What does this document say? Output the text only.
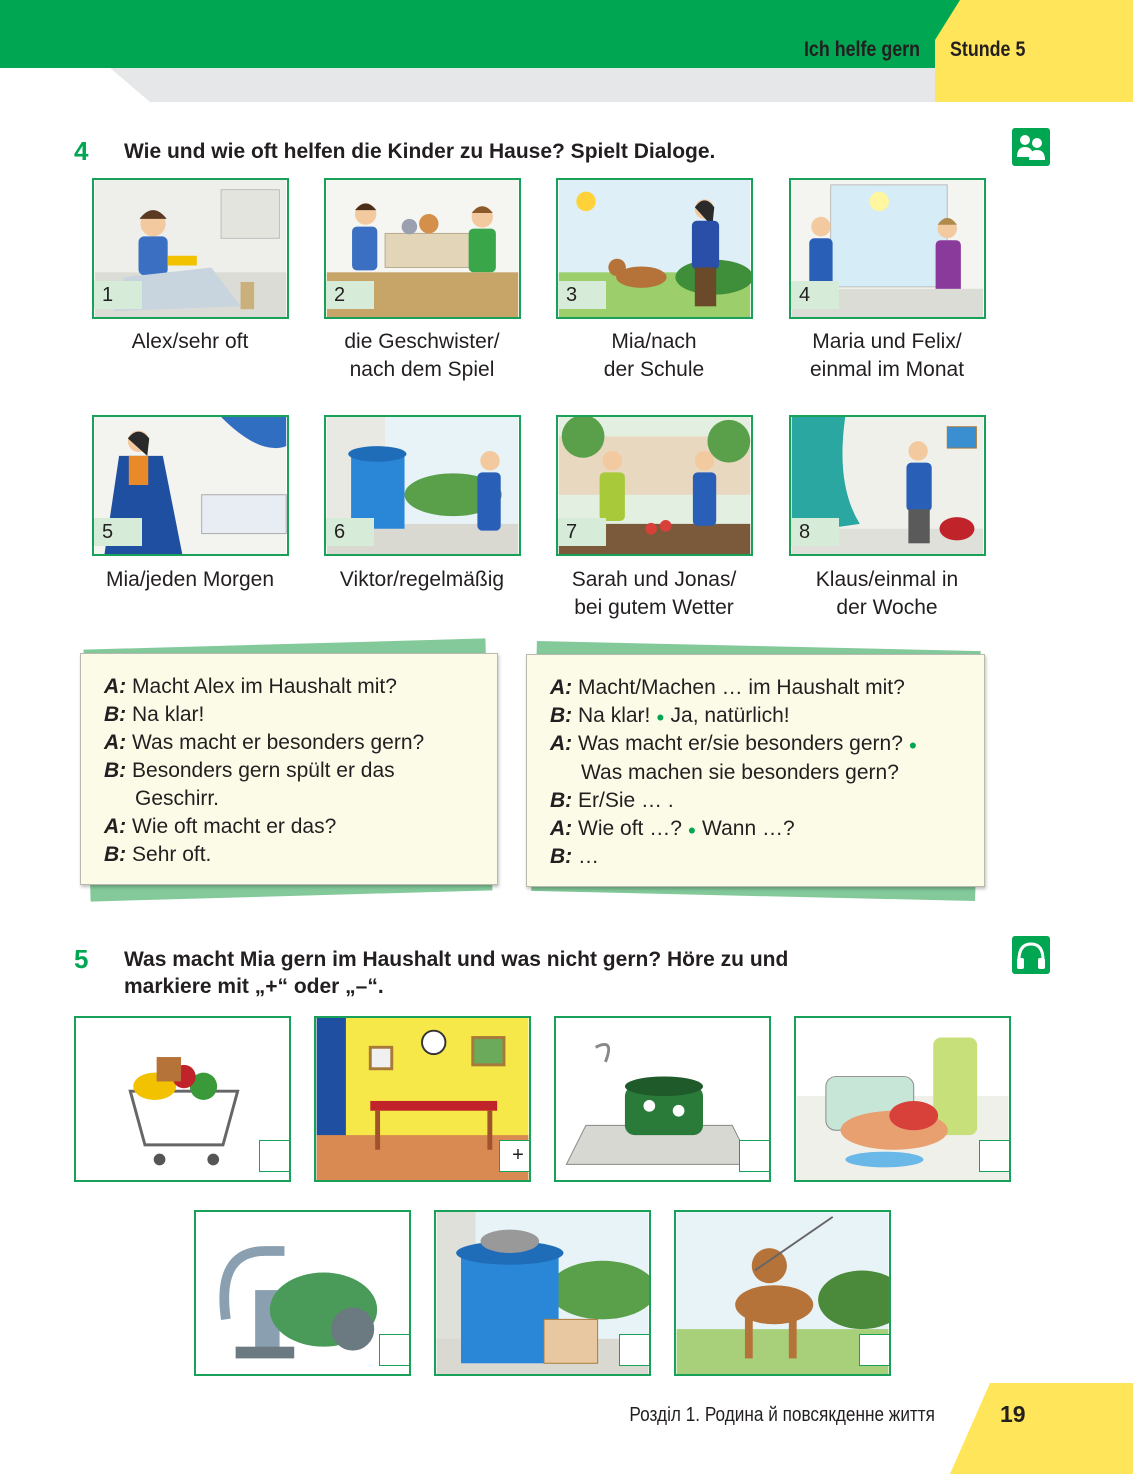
Ich helfe gern Stunde 5
4 Wie und wie oft helfen die Kinder zu Hause? Spielt Dialoge.
1
Alex/sehr oft
2
die Geschwister/
nach dem Spiel
3
Mia/nach
der Schule
4
Maria und Felix/
einmal im Monat
5
Mia/jeden Morgen
6
Viktor/regelmäßig
7
Sarah und Jonas/
bei gutem Wetter
8
Klaus/einmal in
der Woche
A: Macht Alex im Haushalt mit?
B: Na klar!
A: Was macht er besonders gern?
B: Besonders gern spült er das
Geschirr.
A: Wie oft macht er das?
B: Sehr oft.
A: Macht/Machen … im Haushalt mit?
B: Na klar! ● Ja, natürlich!
A: Was macht er/sie besonders gern? ●
Was machen sie besonders gern?
B: Er/Sie … .
A: Wie oft …? ● Wann …?
B: …
5 Was macht Mia gern im Haushalt und was nicht gern? Höre zu und
markiere mit „+“ oder „–“.
+
Розділ 1. Родина й повсякденне життя	19
